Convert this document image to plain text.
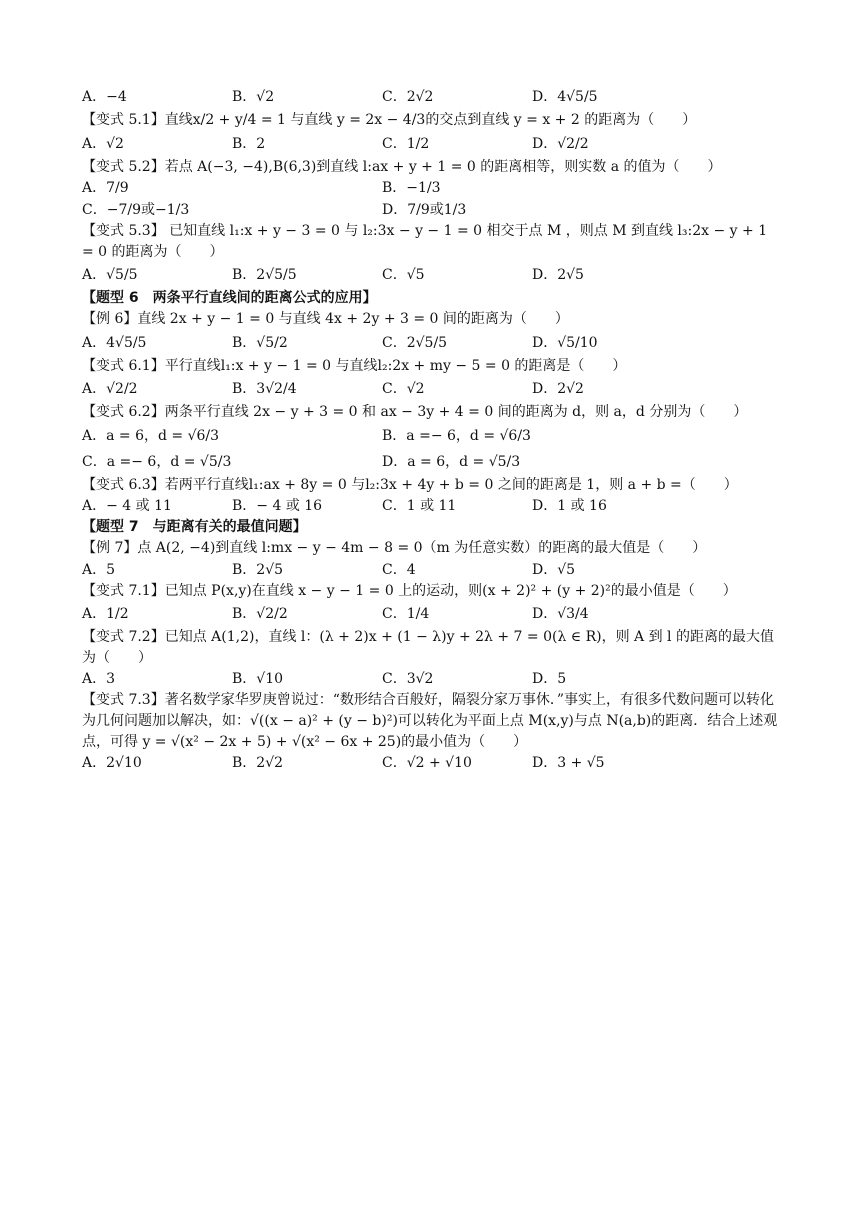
A．−4	B．√2	C．2√2	D．4√5/5
【变式 5.1】直线x/2 + y/4 = 1 与直线 y = 2x − 4/3的交点到直线 y = x + 2 的距离为（　　）
A．√2	B．2	C．1/2	D．√2/2
【变式 5.2】若点 A(−3, −4),B(6,3)到直线 l:ax + y + 1 = 0 的距离相等，则实数 a 的值为（　　）
A．7/9	B．−1/3
C．−7/9或−1/3	D．7/9或1/3
【变式 5.3】 已知直线 l₁:x + y − 3 = 0 与 l₂:3x − y − 1 = 0 相交于点 M ，则点 M 到直线 l₃:2x − y + 1 = 0 的距离为（　　）
A．√5/5	B．2√5/5	C．√5	D．2√5
【题型 6　两条平行直线间的距离公式的应用】
【例 6】直线 2x + y − 1 = 0 与直线 4x + 2y + 3 = 0 间的距离为（　　）
A．4√5/5	B．√5/2	C．2√5/5	D．√5/10
【变式 6.1】平行直线l₁:x + y − 1 = 0 与直线l₂:2x + my − 5 = 0 的距离是（　　）
A．√2/2	B．3√2/4	C．√2	D．2√2
【变式 6.2】两条平行直线 2x − y + 3 = 0 和 ax − 3y + 4 = 0 间的距离为 d，则 a，d 分别为（　　）
A．a = 6，d = √6/3	B．a =− 6，d = √6/3
C．a =− 6，d = √5/3	D．a = 6，d = √5/3
【变式 6.3】若两平行直线l₁:ax + 8y = 0 与l₂:3x + 4y + b = 0 之间的距离是 1，则 a + b =（　　）
A．− 4 或 11	B．− 4 或 16	C．1 或 11	D．1 或 16
【题型 7　与距离有关的最值问题】
【例 7】点 A(2, −4)到直线 l:mx − y − 4m − 8 = 0（m 为任意实数）的距离的最大值是（　　）
A．5	B．2√5	C．4	D．√5
【变式 7.1】已知点 P(x,y)在直线 x − y − 1 = 0 上的运动，则(x + 2)² + (y + 2)²的最小值是（　　）
A．1/2	B．√2/2	C．1/4	D．√3/4
【变式 7.2】已知点 A(1,2)，直线 l：(λ + 2)x + (1 − λ)y + 2λ + 7 = 0(λ ∈ R)，则 A 到 l 的距离的最大值为（　　）
A．3	B．√10	C．3√2	D．5
【变式 7.3】著名数学家华罗庚曾说过：“数形结合百般好，隔裂分家万事休．”事实上，有很多代数问题可以转化为几何问题加以解决，如：√((x − a)² + (y − b)²)可以转化为平面上点 M(x,y)与点 N(a,b)的距离．结合上述观点，可得 y = √(x² − 2x + 5) + √(x² − 6x + 25)的最小值为（　　）
A．2√10	B．2√2	C．√2 + √10	D．3 + √5
